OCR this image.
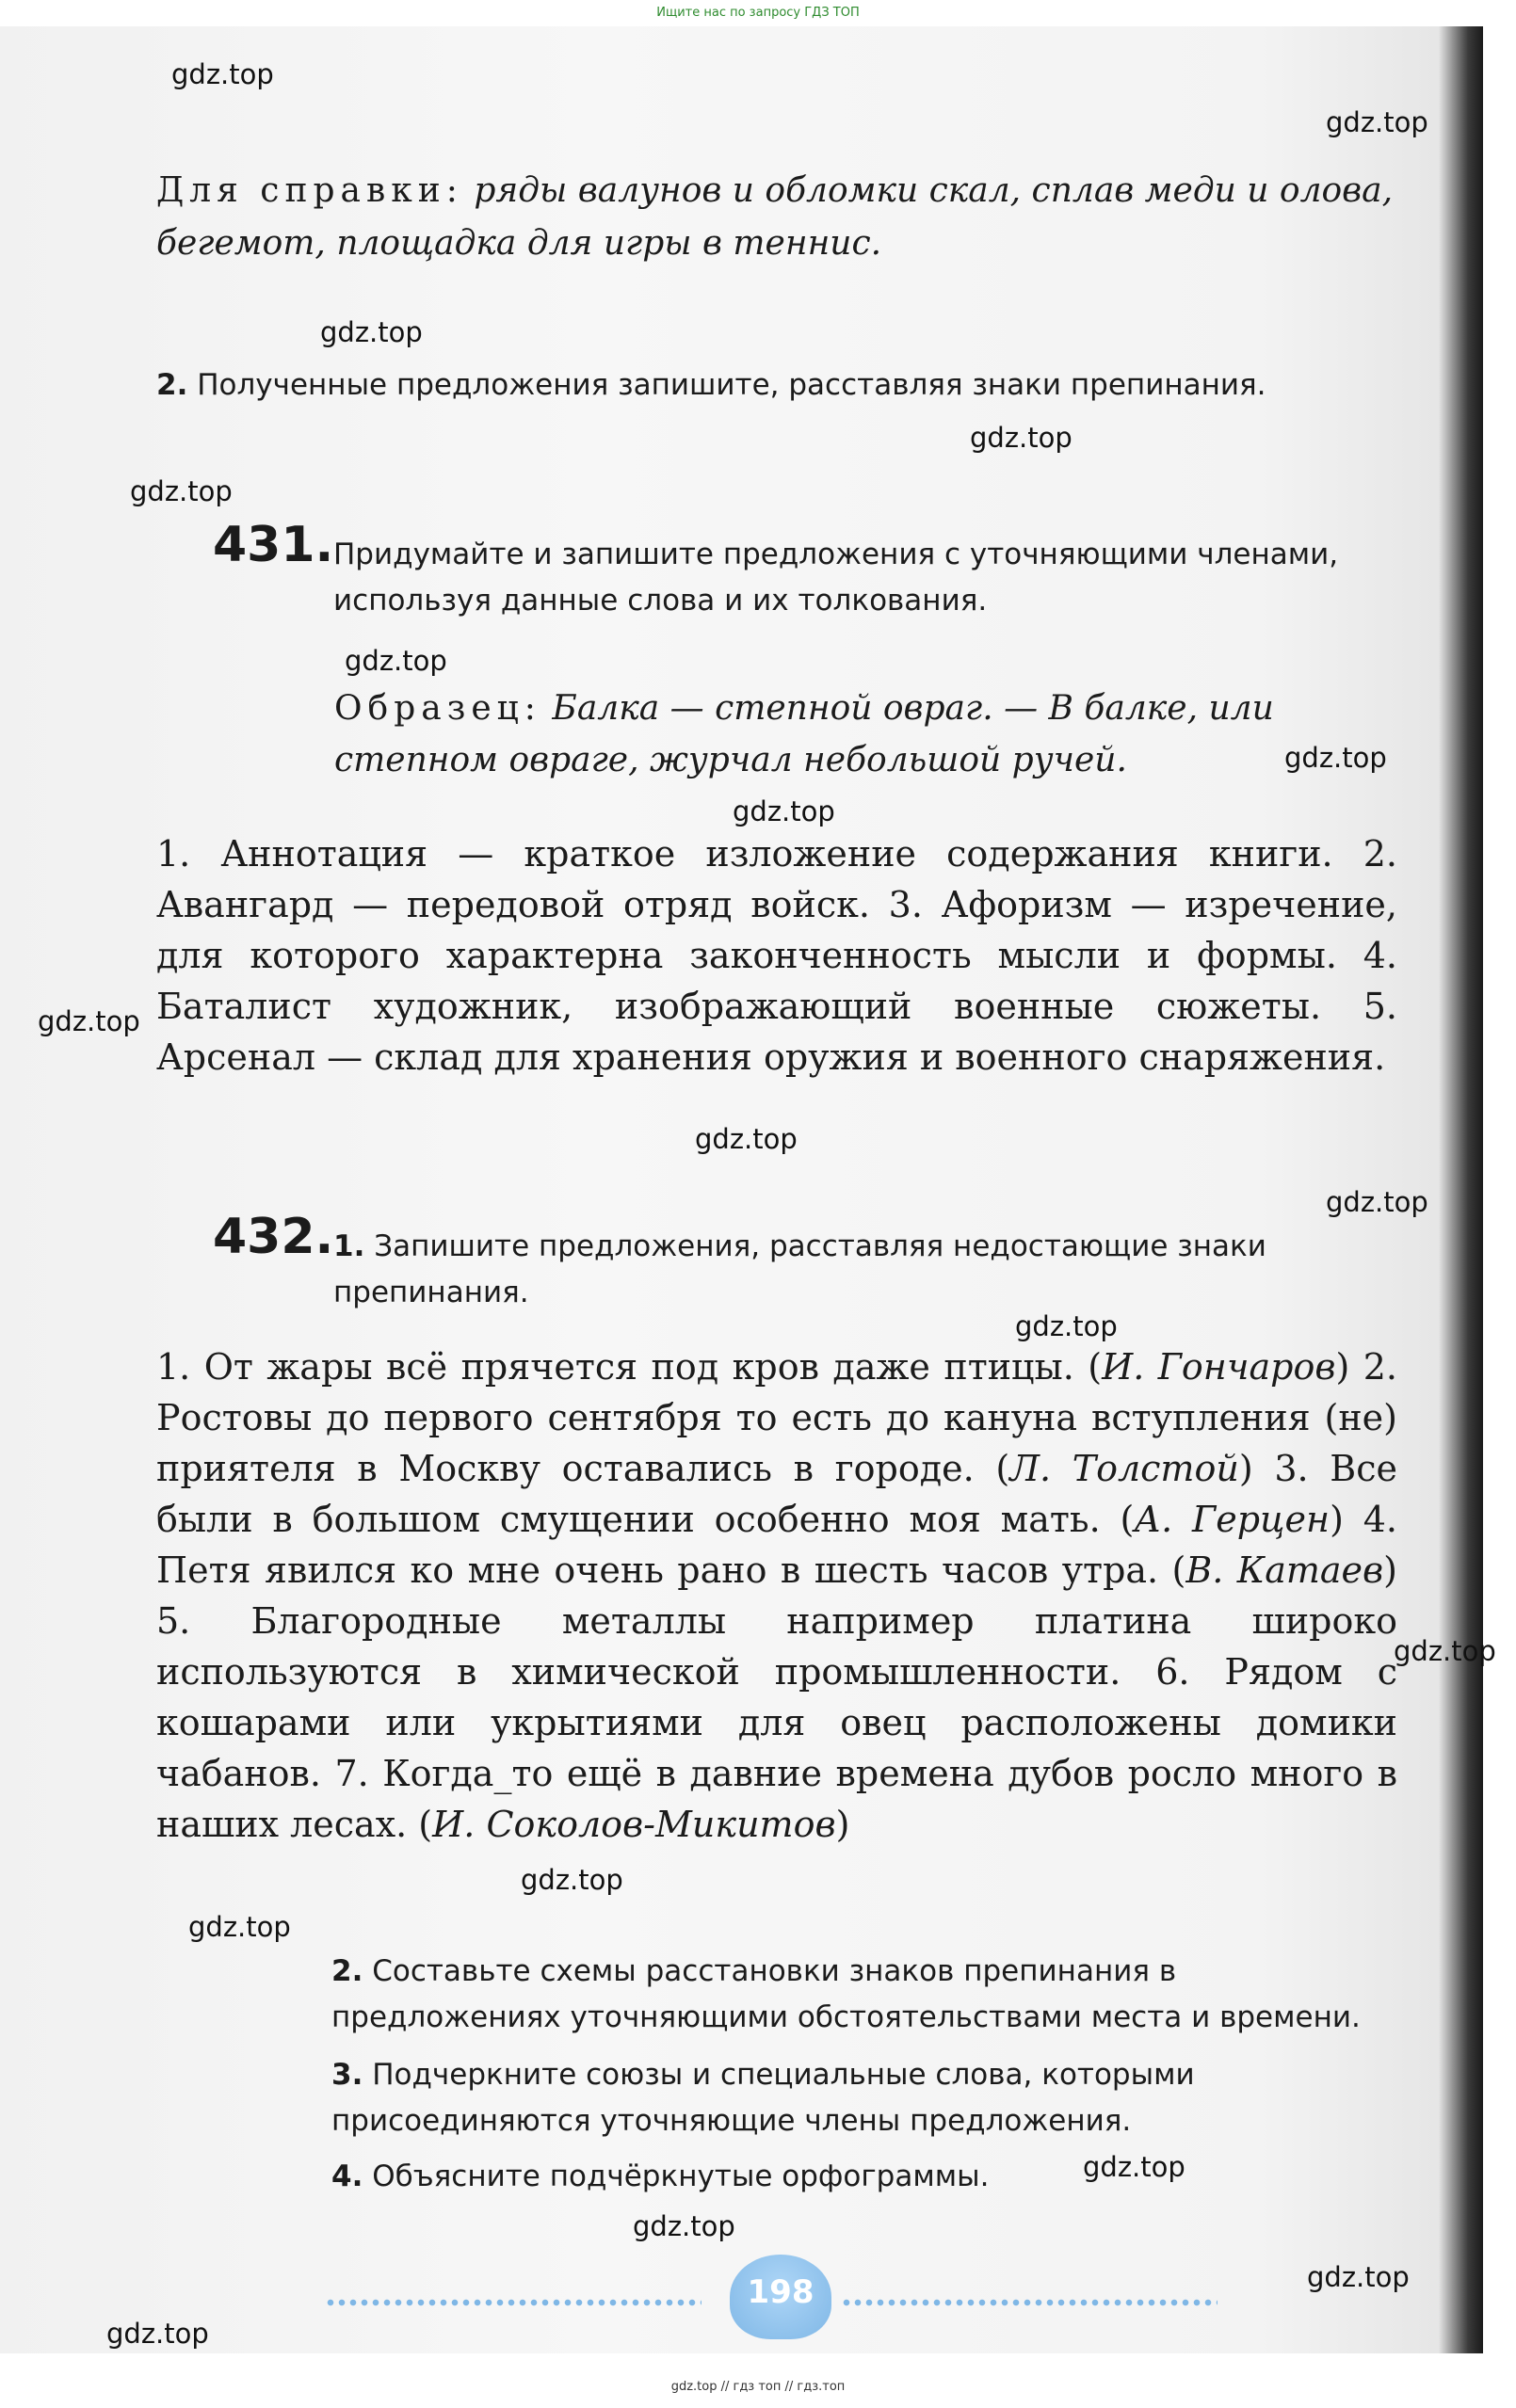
Ищите нас по запросу ГДЗ ТОП
Для справки: ряды валунов и обломки скал, сплав меди и олова, бегемот, площадка для игры в теннис.
2. Полученные предложения запишите, расставляя знаки препинания.
431. Придумайте и запишите предложения с уточняющими членами, используя данные слова и их толкования.
Образец: Балка — степной овраг. — В балке, или степном овраге, журчал небольшой ручей.
1. Аннотация — краткое изложение содержания книги. 2. Авангард — передовой отряд войск. 3. Афоризм — изречение, для которого характерна законченность мысли и формы. 4. Баталист художник, изображающий военные сюжеты. 5. Арсенал — склад для хранения оружия и военного снаряжения.
432. 1. Запишите предложения, расставляя недостающие знаки препинания.
1. От жары всё прячется под кров даже птицы. (И. Гончаров) 2. Ростовы до первого сентября то есть до кануна вступления (не) приятеля в Москву оставались в городе. (Л. Толстой) 3. Все были в большом смущении особенно моя мать. (А. Герцен) 4. Петя явился ко мне очень рано в шесть часов утра. (В. Катаев) 5. Благородные металлы например платина широко используются в химической промышленности. 6. Рядом с кошарами или укрытиями для овец расположены домики чабанов. 7. Когда_то ещё в давние времена дубов росло много в наших лесах. (И. Соколов-Микитов)
2. Составьте схемы расстановки знаков препинания в предложениях уточняющими обстоятельствами места и времени.
3. Подчеркните союзы и специальные слова, которыми присоединяются уточняющие члены предложения.
4. Объясните подчёркнутые орфограммы.
198
gdz.top
gdz.top
gdz.top
gdz.top
gdz.top
gdz.top
gdz.top
gdz.top
gdz.top
gdz.top
gdz.top
gdz.top
gdz.top
gdz.top
gdz.top
gdz.top
gdz.top
gdz.top
gdz.top
gdz.top // гдз топ // гдз.топ
